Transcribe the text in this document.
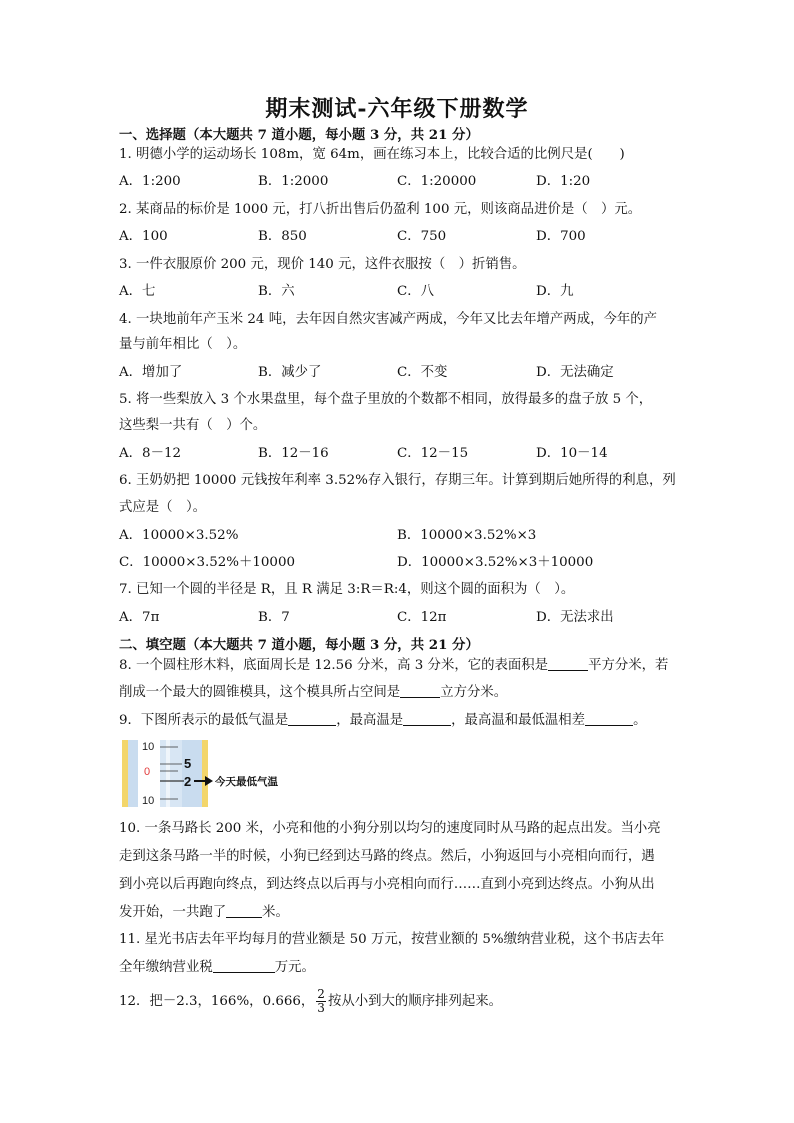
期末测试-六年级下册数学
一、选择题（本大题共 7 道小题，每小题 3 分，共 21 分）
1. 明德小学的运动场长 108m，宽 64m，画在练习本上，比较合适的比例尺是(　　)
A．1:200	B．1:2000	C．1:20000	D．1:20
2. 某商品的标价是 1000 元，打八折出售后仍盈利 100 元，则该商品进价是（　）元。
A．100	B．850	C．750	D．700
3. 一件衣服原价 200 元，现价 140 元，这件衣服按（　）折销售。
A．七	B．六	C．八	D．九
4. 一块地前年产玉米 24 吨，去年因自然灾害减产两成，今年又比去年增产两成，今年的产
量与前年相比（　）。
A．增加了	B．减少了	C．不变	D．无法确定
5. 将一些梨放入 3 个水果盘里，每个盘子里放的个数都不相同，放得最多的盘子放 5 个，
这些梨一共有（　）个。
A．8－12	B．12－16	C．12－15	D．10－14
6. 王奶奶把 10000 元钱按年利率 3.52%存入银行，存期三年。计算到期后她所得的利息，列
式应是（　）。
A．10000×3.52%	B．10000×3.52%×3
C．10000×3.52%＋10000	D．10000×3.52%×3＋10000
7. 已知一个圆的半径是 R，且 R 满足 3:R＝R:4，则这个圆的面积为（　）。
A．7π	B．7	C．12π	D．无法求出
二、填空题（本大题共 7 道小题，每小题 3 分，共 21 分）
8. 一个圆柱形木料，底面周长是 12.56 分米，高 3 分米，它的表面积是	平方分米，若
削成一个最大的圆锥模具，这个模具所占空间是	立方分米。
9．下图所表示的最低气温是	，最高温是	，最高温和最低温相差	。
10
0
10
5
2 今天最低气温
10. 一条马路长 200 米，小亮和他的小狗分别以均匀的速度同时从马路的起点出发。当小亮
走到这条马路一半的时候，小狗已经到达马路的终点。然后，小狗返回与小亮相向而行，遇
到小亮以后再跑向终点，到达终点以后再与小亮相向而行……直到小亮到达终点。小狗从出
发开始，一共跑了	米。
11. 星光书店去年平均每月的营业额是 50 万元，按营业额的 5%缴纳营业税，这个书店去年
全年缴纳营业税	万元。
12．把－2.3，166%，0.666， $\frac{2}{3}$ 按从小到大的顺序排列起来。
